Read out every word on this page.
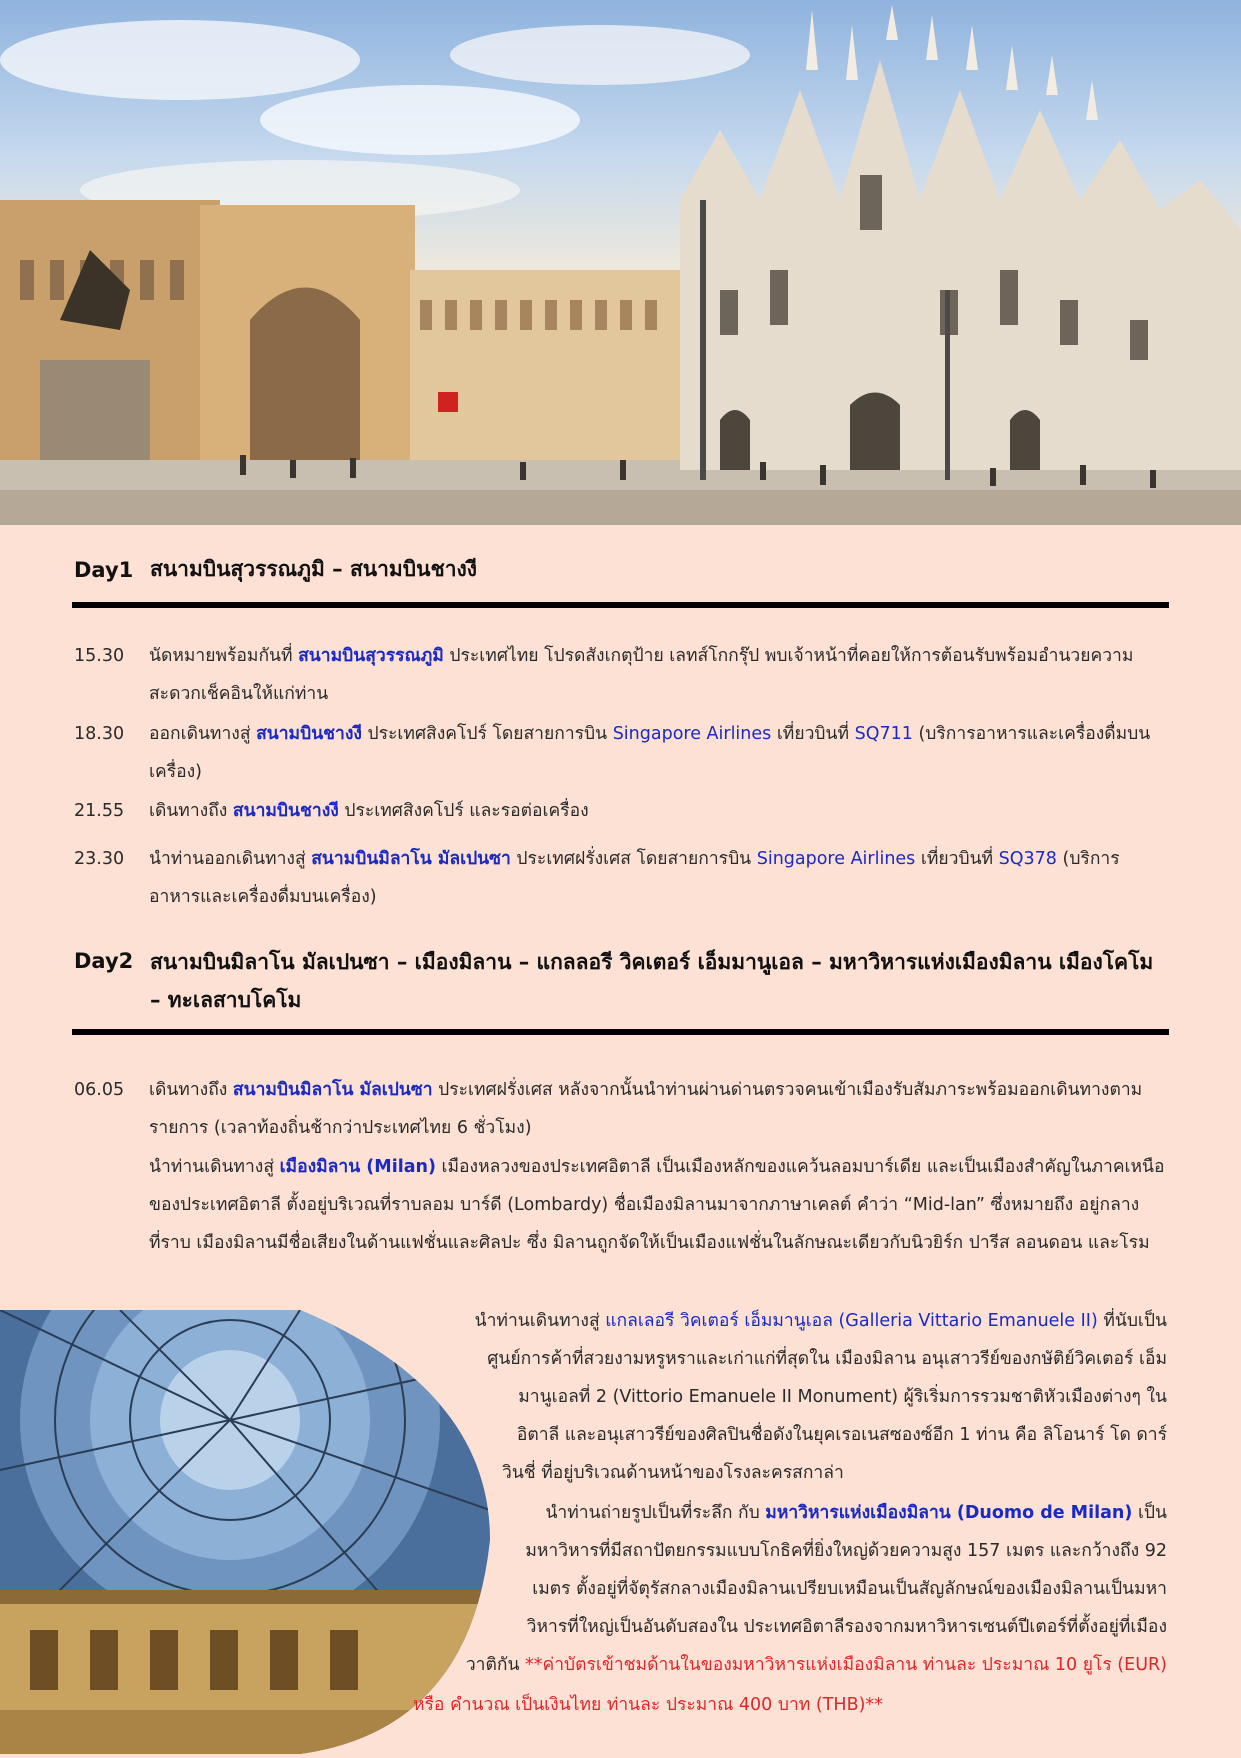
Day1 สนามบินสุวรรณภูมิ – สนามบินชางงี
15.30	นัดหมายพร้อมกันที่ สนามบินสุวรรณภูมิ ประเทศไทย โปรดสังเกตุป้าย เลทส์โกกรุ๊ป พบเจ้าหน้าที่คอยให้การต้อนรับพร้อมอำนวยความสะดวกเช็คอินให้แก่ท่าน
18.30	ออกเดินทางสู่ สนามบินชางงี ประเทศสิงคโปร์ โดยสายการบิน Singapore Airlines เที่ยวบินที่ SQ711 (บริการอาหารและเครื่องดื่มบนเครื่อง)
21.55	เดินทางถึง สนามบินชางงี ประเทศสิงคโปร์ และรอต่อเครื่อง
23.30	นำท่านออกเดินทางสู่ สนามบินมิลาโน มัลเปนซา ประเทศฝรั่งเศส โดยสายการบิน Singapore Airlines เที่ยวบินที่ SQ378 (บริการอาหารและเครื่องดื่มบนเครื่อง)
Day2 สนามบินมิลาโน มัลเปนซา – เมืองมิลาน – แกลลอรี วิคเตอร์ เอ็มมานูเอล – มหาวิหารแห่งเมืองมิลาน เมืองโคโม – ทะเลสาบโคโม
06.05	เดินทางถึง สนามบินมิลาโน มัลเปนซา ประเทศฝรั่งเศส หลังจากนั้นนำท่านผ่านด่านตรวจคนเข้าเมืองรับสัมภาระพร้อมออกเดินทางตามรายการ (เวลาท้องถิ่นช้ากว่าประเทศไทย 6 ชั่วโมง)
นำท่านเดินทางสู่ เมืองมิลาน (Milan) เมืองหลวงของประเทศอิตาลี เป็นเมืองหลักของแคว้นลอมบาร์เดีย และเป็นเมืองสำคัญในภาคเหนือของประเทศอิตาลี ตั้งอยู่บริเวณที่ราบลอม บาร์ดี (Lombardy) ชื่อเมืองมิลานมาจากภาษาเคลต์ คำว่า “Mid-lan” ซึ่งหมายถึง อยู่กลางที่ราบ เมืองมิลานมีชื่อเสียงในด้านแฟชั่นและศิลปะ ซึ่ง มิลานถูกจัดให้เป็นเมืองแฟชั่นในลักษณะเดียวกับนิวยิร์ก ปารีส ลอนดอน และโรม
นำท่านเดินทางสู่ แกลเลอรี วิคเตอร์ เอ็มมานูเอล (Galleria Vittario Emanuele II) ที่นับเป็น
ศูนย์การค้าที่สวยงามหรูหราและเก่าแก่ที่สุดใน เมืองมิลาน อนุเสาวรีย์ของกษัติย์วิคเตอร์ เอ็ม
มานูเอลที่ 2 (Vittorio Emanuele II Monument) ผู้ริเริ่มการรวมชาติหัวเมืองต่างๆ ใน
อิตาลี และอนุเสาวรีย์ของศิลปินชื่อดังในยุคเรอเนสซองซ์อีก 1 ท่าน คือ ลิโอนาร์ โด ดาร์
วินชี่ ที่อยู่บริเวณด้านหน้าของโรงละครสกาล่า
นำท่านถ่ายรูปเป็นที่ระลึก กับ มหาวิหารแห่งเมืองมิลาน (Duomo de Milan) เป็น
มหาวิหารที่มีสถาปัตยกรรมแบบโกธิคที่ยิ่งใหญ่ด้วยความสูง 157 เมตร และกว้างถึง 92
เมตร ตั้งอยู่ที่จัตุรัสกลางเมืองมิลานเปรียบเหมือนเป็นสัญลักษณ์ของเมืองมิลานเป็นมหา
วิหารที่ใหญ่เป็นอันดับสองใน ประเทศอิตาลีรองจากมหาวิหารเซนต์ปีเตอร์ที่ตั้งอยู่ที่เมือง
วาติกัน **ค่าบัตรเข้าชมด้านในของมหาวิหารแห่งเมืองมิลาน ท่านละ ประมาณ 10 ยูโร (EUR)
หรือ คำนวณ เป็นเงินไทย ท่านละ ประมาณ 400 บาท (THB)**
